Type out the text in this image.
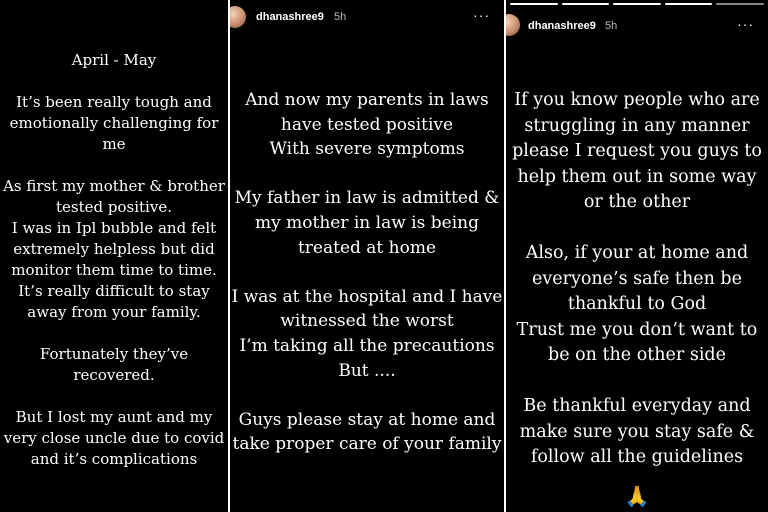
April - May

It’s been really tough and emotionally challenging for me

As first my mother & brother tested positive.
I was in Ipl bubble and felt extremely helpless but did monitor them time to time.
It’s really difficult to stay away from your family.

Fortunately they’ve recovered.

But I lost my aunt and my very close uncle due to covid and it’s complications
dhanashree9 5h	···
And now my parents in laws have tested positive
With severe symptoms

My father in law is admitted & my mother in law is being treated at home

I was at the hospital and I have witnessed the worst
I’m taking all the precautions
But ....

Guys please stay at home and take proper care of your family
dhanashree9 5h	···
If you know people who are struggling in any manner please I request you guys to help them out in some way or the other

Also, if your at home and everyone’s safe then be thankful to God
Trust me you don’t want to be on the other side

Be thankful everyday and make sure you stay safe & follow all the guidelines
🙏
